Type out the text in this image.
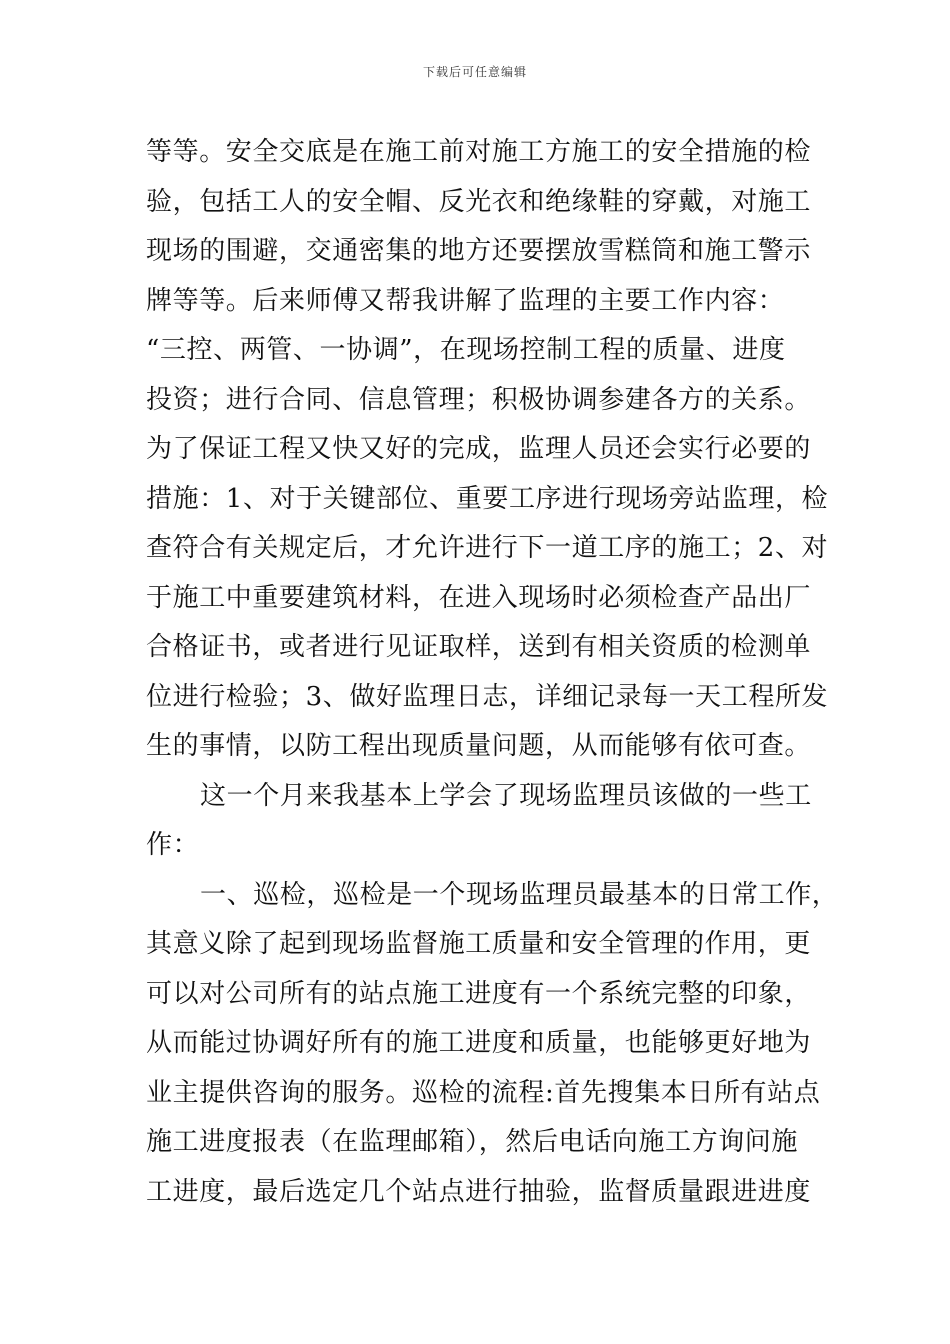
下载后可任意编辑
等等。安全交底是在施工前对施工方施工的安全措施的检
验，包括工人的安全帽、反光衣和绝缘鞋的穿戴，对施工
现场的围避，交通密集的地方还要摆放雪糕筒和施工警示
牌等等。后来师傅又帮我讲解了监理的主要工作内容：
“三控、两管、一协调”，在现场控制工程的质量、进度
投资；进行合同、信息管理；积极协调参建各方的关系。
为了保证工程又快又好的完成，监理人员还会实行必要的
措施：1、对于关键部位、重要工序进行现场旁站监理，检
查符合有关规定后，才允许进行下一道工序的施工；2、对
于施工中重要建筑材料，在进入现场时必须检查产品出厂
合格证书，或者进行见证取样，送到有相关资质的检测单
位进行检验；3、做好监理日志，详细记录每一天工程所发
生的事情，以防工程出现质量问题，从而能够有依可查。
这一个月来我基本上学会了现场监理员该做的一些工
作：
一、巡检，巡检是一个现场监理员最基本的日常工作，
其意义除了起到现场监督施工质量和安全管理的作用，更
可以对公司所有的站点施工进度有一个系统完整的印象，
从而能过协调好所有的施工进度和质量，也能够更好地为
业主提供咨询的服务。巡检的流程:首先搜集本日所有站点
施工进度报表（在监理邮箱），然后电话向施工方询问施
工进度，最后选定几个站点进行抽验，监督质量跟进进度
